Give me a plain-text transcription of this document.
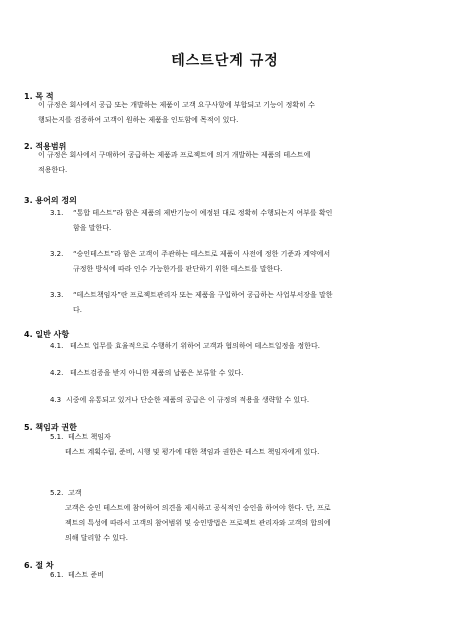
테스트단계 규정
1. 목 적
이 규정은 회사에서 공급 또는 개발하는 제품이 고객 요구사항에 부합되고 기능이 정확히 수
행되는지를 검증하여 고객이 원하는 제품을 인도함에 목적이 있다.
2. 적용범위
이 규정은 회사에서 구매하여 공급하는 제품과 프로젝트에 의거 개발하는 제품의 테스트에
적용한다.
3. 용어의 정의
3.1. “통합 테스트”라 함은 제품의 제반기능이 예정된 대로 정확히 수행되는지 여부를 확인
함을 말한다.
3.2. “승인테스트”라 함은 고객이 주관하는 테스트로 제품이 사전에 정한 기준과 계약에서
규정한 방식에 따라 인수 가능한가를 판단하기 위한 테스트를 말한다.
3.3. “테스트책임자”란 프로젝트관리자 또는 제품을 구입하여 공급하는 사업부서장을 말한
다.
4. 일반 사항
4.1. 테스트 업무를 효율적으로 수행하기 위하여 고객과 협의하여 테스트일정을 정한다.
4.2. 테스트검증을 받지 아니한 제품의 납품은 보류할 수 있다.
4.3 시중에 유통되고 있거나 단순한 제품의 공급은 이 규정의 적용을 생략할 수 있다.
5. 책임과 권한
5.1. 테스트 책임자
테스트 계획수립, 준비, 시행 및 평가에 대한 책임과 권한은 테스트 책임자에게 있다.
5.2. 고객
고객은 승인 테스트에 참여하여 의견을 제시하고 공식적인 승인을 하여야 한다. 단, 프로
젝트의 특성에 따라서 고객의 참여범위 및 승인방법은 프로젝트 관리자와 고객의 합의에
의해 달리할 수 있다.
6. 절 차
6.1. 테스트 준비
